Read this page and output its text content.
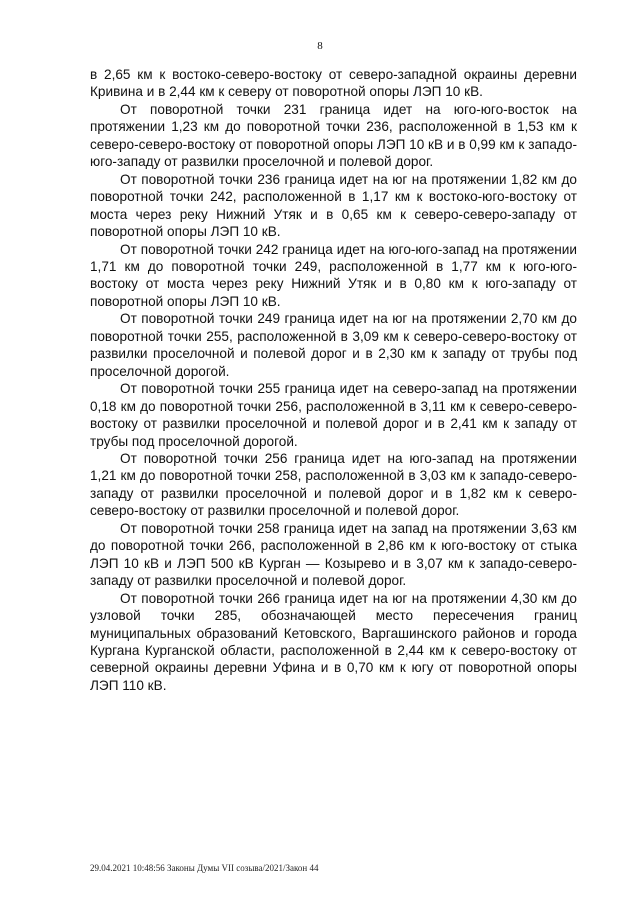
8

в 2,65 км к востоко-северо-востоку от северо-западной окраины деревни Кривина и в 2,44 км к северу от поворотной опоры ЛЭП 10 кВ.

От поворотной точки 231 граница идет на юго-юго-восток на протяжении 1,23 км до поворотной точки 236, расположенной в 1,53 км к северо-северо-востоку от поворотной опоры ЛЭП 10 кВ и в 0,99 км к западо-юго-западу от развилки проселочной и полевой дорог.

От поворотной точки 236 граница идет на юг на протяжении 1,82 км до поворотной точки 242, расположенной в 1,17 км к востоко-юго-востоку от моста через реку Нижний Утяк и в 0,65 км к северо-северо-западу от поворотной опоры ЛЭП 10 кВ.

От поворотной точки 242 граница идет на юго-юго-запад на протяжении 1,71 км до поворотной точки 249, расположенной в 1,77 км к юго-юго-востоку от моста через реку Нижний Утяк и в 0,80 км к юго-западу от поворотной опоры ЛЭП 10 кВ.

От поворотной точки 249 граница идет на юг на протяжении 2,70 км до поворотной точки 255, расположенной в 3,09 км к северо-северо-востоку от развилки проселочной и полевой дорог и в 2,30 км к западу от трубы под проселочной дорогой.

От поворотной точки 255 граница идет на северо-запад на протяжении 0,18 км до поворотной точки 256, расположенной в 3,11 км к северо-северо-востоку от развилки проселочной и полевой дорог и в 2,41 км к западу от трубы под проселочной дорогой.

От поворотной точки 256 граница идет на юго-запад на протяжении 1,21 км до поворотной точки 258, расположенной в 3,03 км к западо-северо-западу от развилки проселочной и полевой дорог и в 1,82 км к северо-северо-востоку от развилки проселочной и полевой дорог.

От поворотной точки 258 граница идет на запад на протяжении 3,63 км до поворотной точки 266, расположенной в 2,86 км к юго-востоку от стыка ЛЭП 10 кВ и ЛЭП 500 кВ Курган — Козырево и в 3,07 км к западо-северо-западу от развилки проселочной и полевой дорог.

От поворотной точки 266 граница идет на юг на протяжении 4,30 км до узловой точки 285, обозначающей место пересечения границ муниципальных образований Кетовского, Варгашинского районов и города Кургана Курганской области, расположенной в 2,44 км к северо-востоку от северной окраины деревни Уфина и в 0,70 км к югу от поворотной опоры ЛЭП 110 кВ.

29.04.2021 10:48:56 Законы Думы VII созыва/2021/Закон 44
